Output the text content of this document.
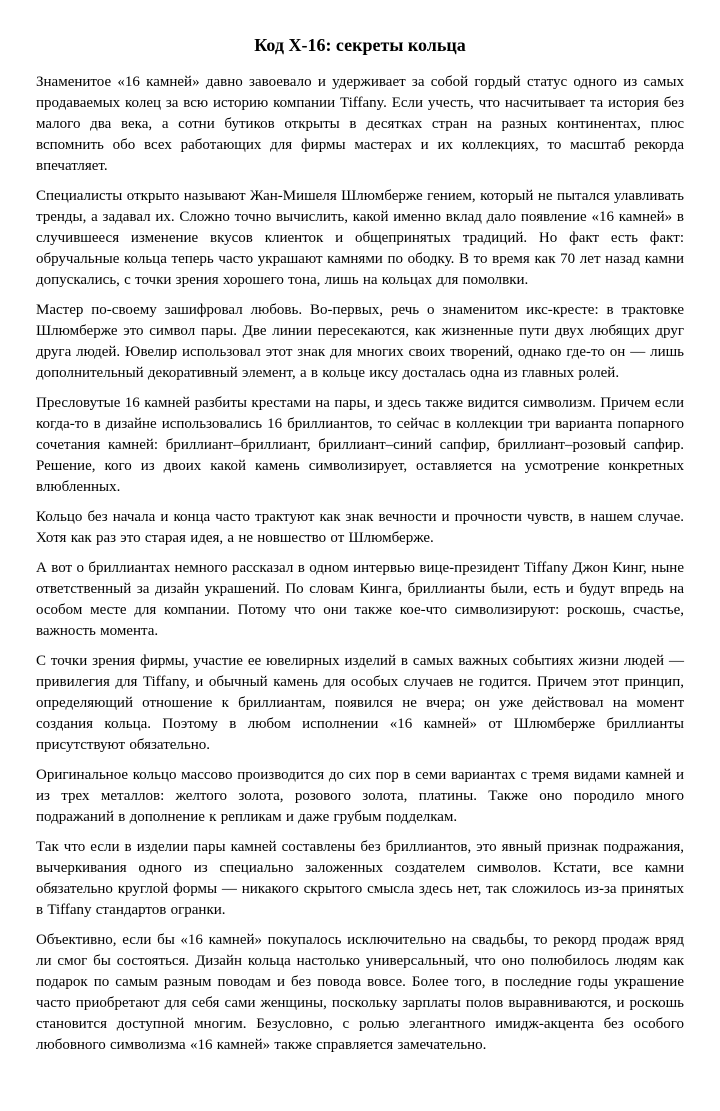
Код X-16: секреты кольца

Знаменитое «16 камней» давно завоевало и удерживает за собой гордый статус одного из самых продаваемых колец за всю историю компании Tiffany. Если учесть, что насчитывает та история без малого два века, а сотни бутиков открыты в десятках стран на разных континентах, плюс вспомнить обо всех работающих для фирмы мастерах и их коллекциях, то масштаб рекорда впечатляет.

Специалисты открыто называют Жан-Мишеля Шлюмберже гением, который не пытался улавливать тренды, а задавал их. Сложно точно вычислить, какой именно вклад дало появление «16 камней» в случившееся изменение вкусов клиенток и общепринятых традиций. Но факт есть факт: обручальные кольца теперь часто украшают камнями по ободку. В то время как 70 лет назад камни допускались, с точки зрения хорошего тона, лишь на кольцах для помолвки.

Мастер по-своему зашифровал любовь. Во-первых, речь о знаменитом икс-кресте: в трактовке Шлюмберже это символ пары. Две линии пересекаются, как жизненные пути двух любящих друг друга людей. Ювелир использовал этот знак для многих своих творений, однако где-то он — лишь дополнительный декоративный элемент, а в кольце иксу досталась одна из главных ролей.

Пресловутые 16 камней разбиты крестами на пары, и здесь также видится символизм. Причем если когда-то в дизайне использовались 16 бриллиантов, то сейчас в коллекции три варианта попарного сочетания камней: бриллиант–бриллиант, бриллиант–синий сапфир, бриллиант–розовый сапфир. Решение, кого из двоих какой камень символизирует, оставляется на усмотрение конкретных влюбленных.

Кольцо без начала и конца часто трактуют как знак вечности и прочности чувств, в нашем случае. Хотя как раз это старая идея, а не новшество от Шлюмберже.

А вот о бриллиантах немного рассказал в одном интервью вице-президент Tiffany Джон Кинг, ныне ответственный за дизайн украшений. По словам Кинга, бриллианты были, есть и будут впредь на особом месте для компании. Потому что они также кое-что символизируют: роскошь, счастье, важность момента.

С точки зрения фирмы, участие ее ювелирных изделий в самых важных событиях жизни людей — привилегия для Tiffany, и обычный камень для особых случаев не годится. Причем этот принцип, определяющий отношение к бриллиантам, появился не вчера; он уже действовал на момент создания кольца. Поэтому в любом исполнении «16 камней» от Шлюмберже бриллианты присутствуют обязательно.

Оригинальное кольцо массово производится до сих пор в семи вариантах с тремя видами камней и из трех металлов: желтого золота, розового золота, платины. Также оно породило много подражаний в дополнение к репликам и даже грубым подделкам.

Так что если в изделии пары камней составлены без бриллиантов, это явный признак подражания, вычеркивания одного из специально заложенных создателем символов. Кстати, все камни обязательно круглой формы — никакого скрытого смысла здесь нет, так сложилось из-за принятых в Tiffany стандартов огранки.

Объективно, если бы «16 камней» покупалось исключительно на свадьбы, то рекорд продаж вряд ли смог бы состояться. Дизайн кольца настолько универсальный, что оно полюбилось людям как подарок по самым разным поводам и без повода вовсе. Более того, в последние годы украшение часто приобретают для себя сами женщины, поскольку зарплаты полов выравниваются, и роскошь становится доступной многим. Безусловно, с ролью элегантного имидж-акцента без особого любовного символизма «16 камней» также справляется замечательно.
